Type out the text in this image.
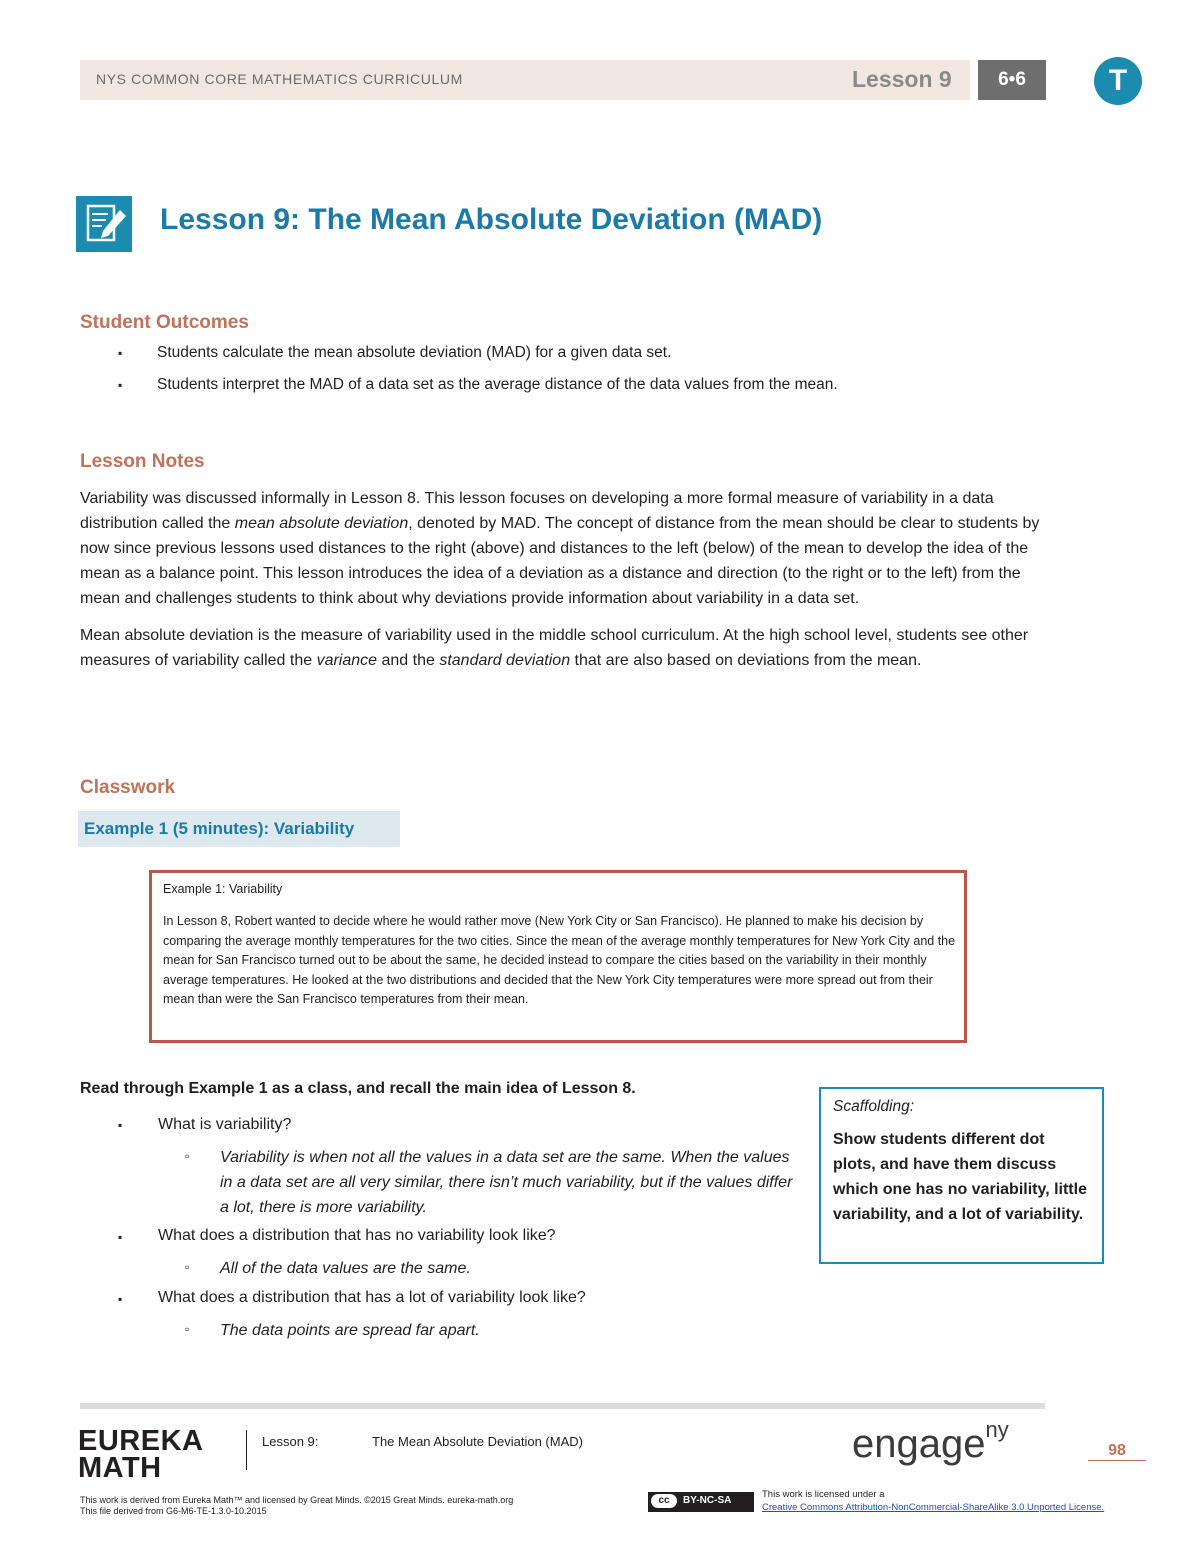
NYS COMMON CORE MATHEMATICS CURRICULUM	Lesson 9	6•6	T
Lesson 9: The Mean Absolute Deviation (MAD)
Student Outcomes
▪ Students calculate the mean absolute deviation (MAD) for a given data set.
▪ Students interpret the MAD of a data set as the average distance of the data values from the mean.
Lesson Notes

Variability was discussed informally in Lesson 8. This lesson focuses on developing a more formal measure of variability in a data distribution called the mean absolute deviation, denoted by MAD. The concept of distance from the mean should be clear to students by now since previous lessons used distances to the right (above) and distances to the left (below) of the mean to develop the idea of the mean as a balance point. This lesson introduces the idea of a deviation as a distance and direction (to the right or to the left) from the mean and challenges students to think about why deviations provide information about variability in a data set.

Mean absolute deviation is the measure of variability used in the middle school curriculum. At the high school level, students see other measures of variability called the variance and the standard deviation that are also based on deviations from the mean.

Classwork
Example 1 (5 minutes): Variability
Example 1: Variability
In Lesson 8, Robert wanted to decide where he would rather move (New York City or San Francisco). He planned to make his decision by comparing the average monthly temperatures for the two cities. Since the mean of the average monthly temperatures for New York City and the mean for San Francisco turned out to be about the same, he decided instead to compare the cities based on the variability in their monthly average temperatures. He looked at the two distributions and decided that the New York City temperatures were more spread out from their mean than were the San Francisco temperatures from their mean.
Read through Example 1 as a class, and recall the main idea of Lesson 8.
▪ What is variability?
▫ Variability is when not all the values in a data set are the same. When the values in a data set are all very similar, there isn’t much variability, but if the values differ a lot, there is more variability.
▪ What does a distribution that has no variability look like?
▫ All of the data values are the same.
▪ What does a distribution that has a lot of variability look like?
▫ The data points are spread far apart.
Scaffolding:
Show students different dot plots, and have them discuss which one has no variability, little variability, and a lot of variability.
EUREKA
MATH
Lesson 9:	The Mean Absolute Deviation (MAD)	engage$^{ny}$
98
This work is derived from Eureka Math™ and licensed by Great Minds. ©2015 Great Minds. eureka-math.org
This file derived from G6-M6-TE-1.3.0-10.2015
cc	BY-NC-SA
This work is licensed under a
Creative Commons Attribution-NonCommercial-ShareAlike 3.0 Unported License.
